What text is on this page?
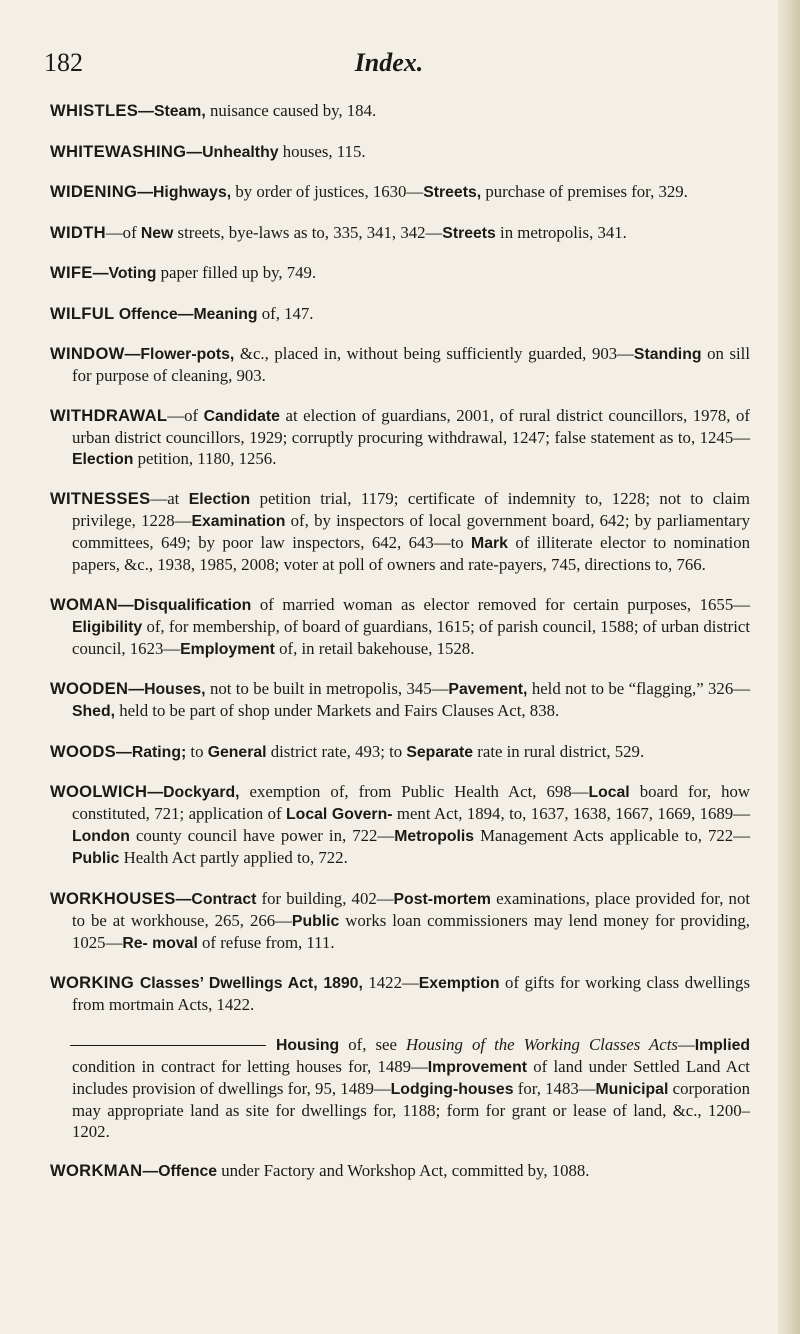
182	Index.

WHISTLES—Steam, nuisance caused by, 184.

WHITEWASHING—Unhealthy houses, 115.

WIDENING—Highways, by order of justices, 1630—Streets, purchase of premises for, 329.

WIDTH—of New streets, bye-laws as to, 335, 341, 342—Streets in metropolis, 341.

WIFE—Voting paper filled up by, 749.

WILFUL Offence—Meaning of, 147.

WINDOW—Flower-pots, &c., placed in, without being sufficiently guarded, 903—Standing on sill for purpose of cleaning, 903.

WITHDRAWAL—of Candidate at election of guardians, 2001, of rural district councillors, 1978, of urban district councillors, 1929; corruptly procuring withdrawal, 1247; false statement as to, 1245—Election petition, 1180, 1256.

WITNESSES—at Election petition trial, 1179; certificate of indemnity to, 1228; not to claim privilege, 1228—Examination of, by inspectors of local government board, 642; by parliamentary committees, 649; by poor law inspectors, 642, 643—to Mark of illiterate elector to nomination papers, &c., 1938, 1985, 2008; voter at poll of owners and rate-payers, 745, directions to, 766.

WOMAN—Disqualification of married woman as elector removed for certain purposes, 1655—Eligibility of, for membership, of board of guardians, 1615; of parish council, 1588; of urban district council, 1623—Employment of, in retail bakehouse, 1528.

WOODEN—Houses, not to be built in metropolis, 345—Pavement, held not to be “flagging,” 326—Shed, held to be part of shop under Markets and Fairs Clauses Act, 838.

WOODS—Rating; to General district rate, 493; to Separate rate in rural district, 529.

WOOLWICH—Dockyard, exemption of, from Public Health Act, 698—Local board for, how constituted, 721; application of Local Govern- ment Act, 1894, to, 1637, 1638, 1667, 1669, 1689—London county council have power in, 722—Metropolis Management Acts applicable to, 722—Public Health Act partly applied to, 722.

WORKHOUSES—Contract for building, 402—Post-mortem examinations, place provided for, not to be at workhouse, 265, 266—Public works loan commissioners may lend money for providing, 1025—Re- moval of refuse from, 111.

WORKING Classes’ Dwellings Act, 1890, 1422—Exemption of gifts for working class dwellings from mortmain Acts, 1422.

Housing of, see Housing of the Working Classes Acts—Implied condition in contract for letting houses for, 1489—Improvement of land under Settled Land Act includes provision of dwellings for, 95, 1489—Lodging-houses for, 1483—Municipal corporation may appropriate land as site for dwellings for, 1188; form for grant or lease of land, &c., 1200–1202.

WORKMAN—Offence under Factory and Workshop Act, committed by, 1088.
